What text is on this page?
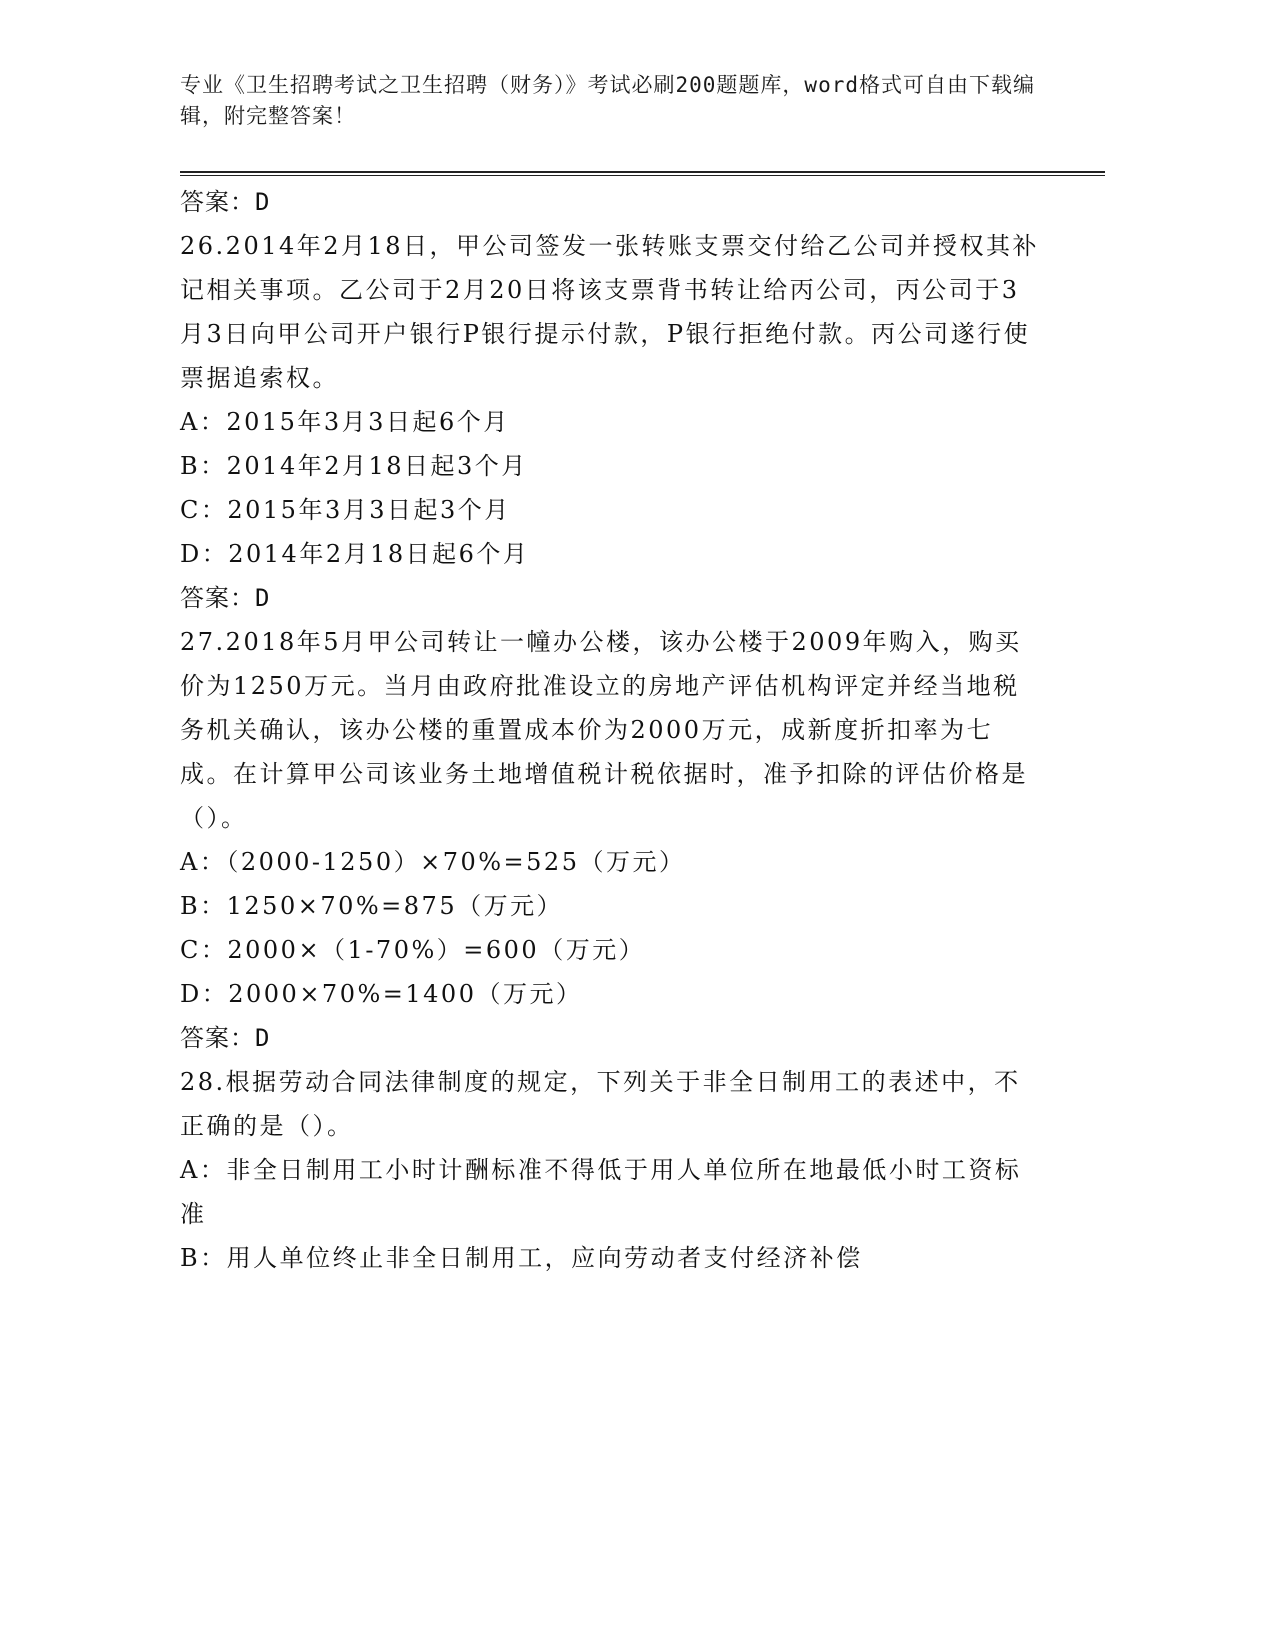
专业《卫生招聘考试之卫生招聘（财务）》考试必刷200题题库，word格式可自由下载编辑，附完整答案！

答案：D

26.2014年2月18日，甲公司签发一张转账支票交付给乙公司并授权其补记相关事项。乙公司于2月20日将该支票背书转让给丙公司，丙公司于3月3日向甲公司开户银行P银行提示付款，P银行拒绝付款。丙公司遂行使票据追索权。

A：2015年3月3日起6个月

B：2014年2月18日起3个月

C：2015年3月3日起3个月

D：2014年2月18日起6个月

答案：D

27.2018年5月甲公司转让一幢办公楼，该办公楼于2009年购入，购买价为1250万元。当月由政府批准设立的房地产评估机构评定并经当地税务机关确认，该办公楼的重置成本价为2000万元，成新度折扣率为七成。在计算甲公司该业务土地增值税计税依据时，准予扣除的评估价格是（）。

A：（2000-1250）×70%=525（万元）

B：1250×70%=875（万元）

C：2000×（1-70%）=600（万元）

D：2000×70%=1400（万元）

答案：D

28.根据劳动合同法律制度的规定，下列关于非全日制用工的表述中，不正确的是（）。

A：非全日制用工小时计酬标准不得低于用人单位所在地最低小时工资标准

B：用人单位终止非全日制用工，应向劳动者支付经济补偿
